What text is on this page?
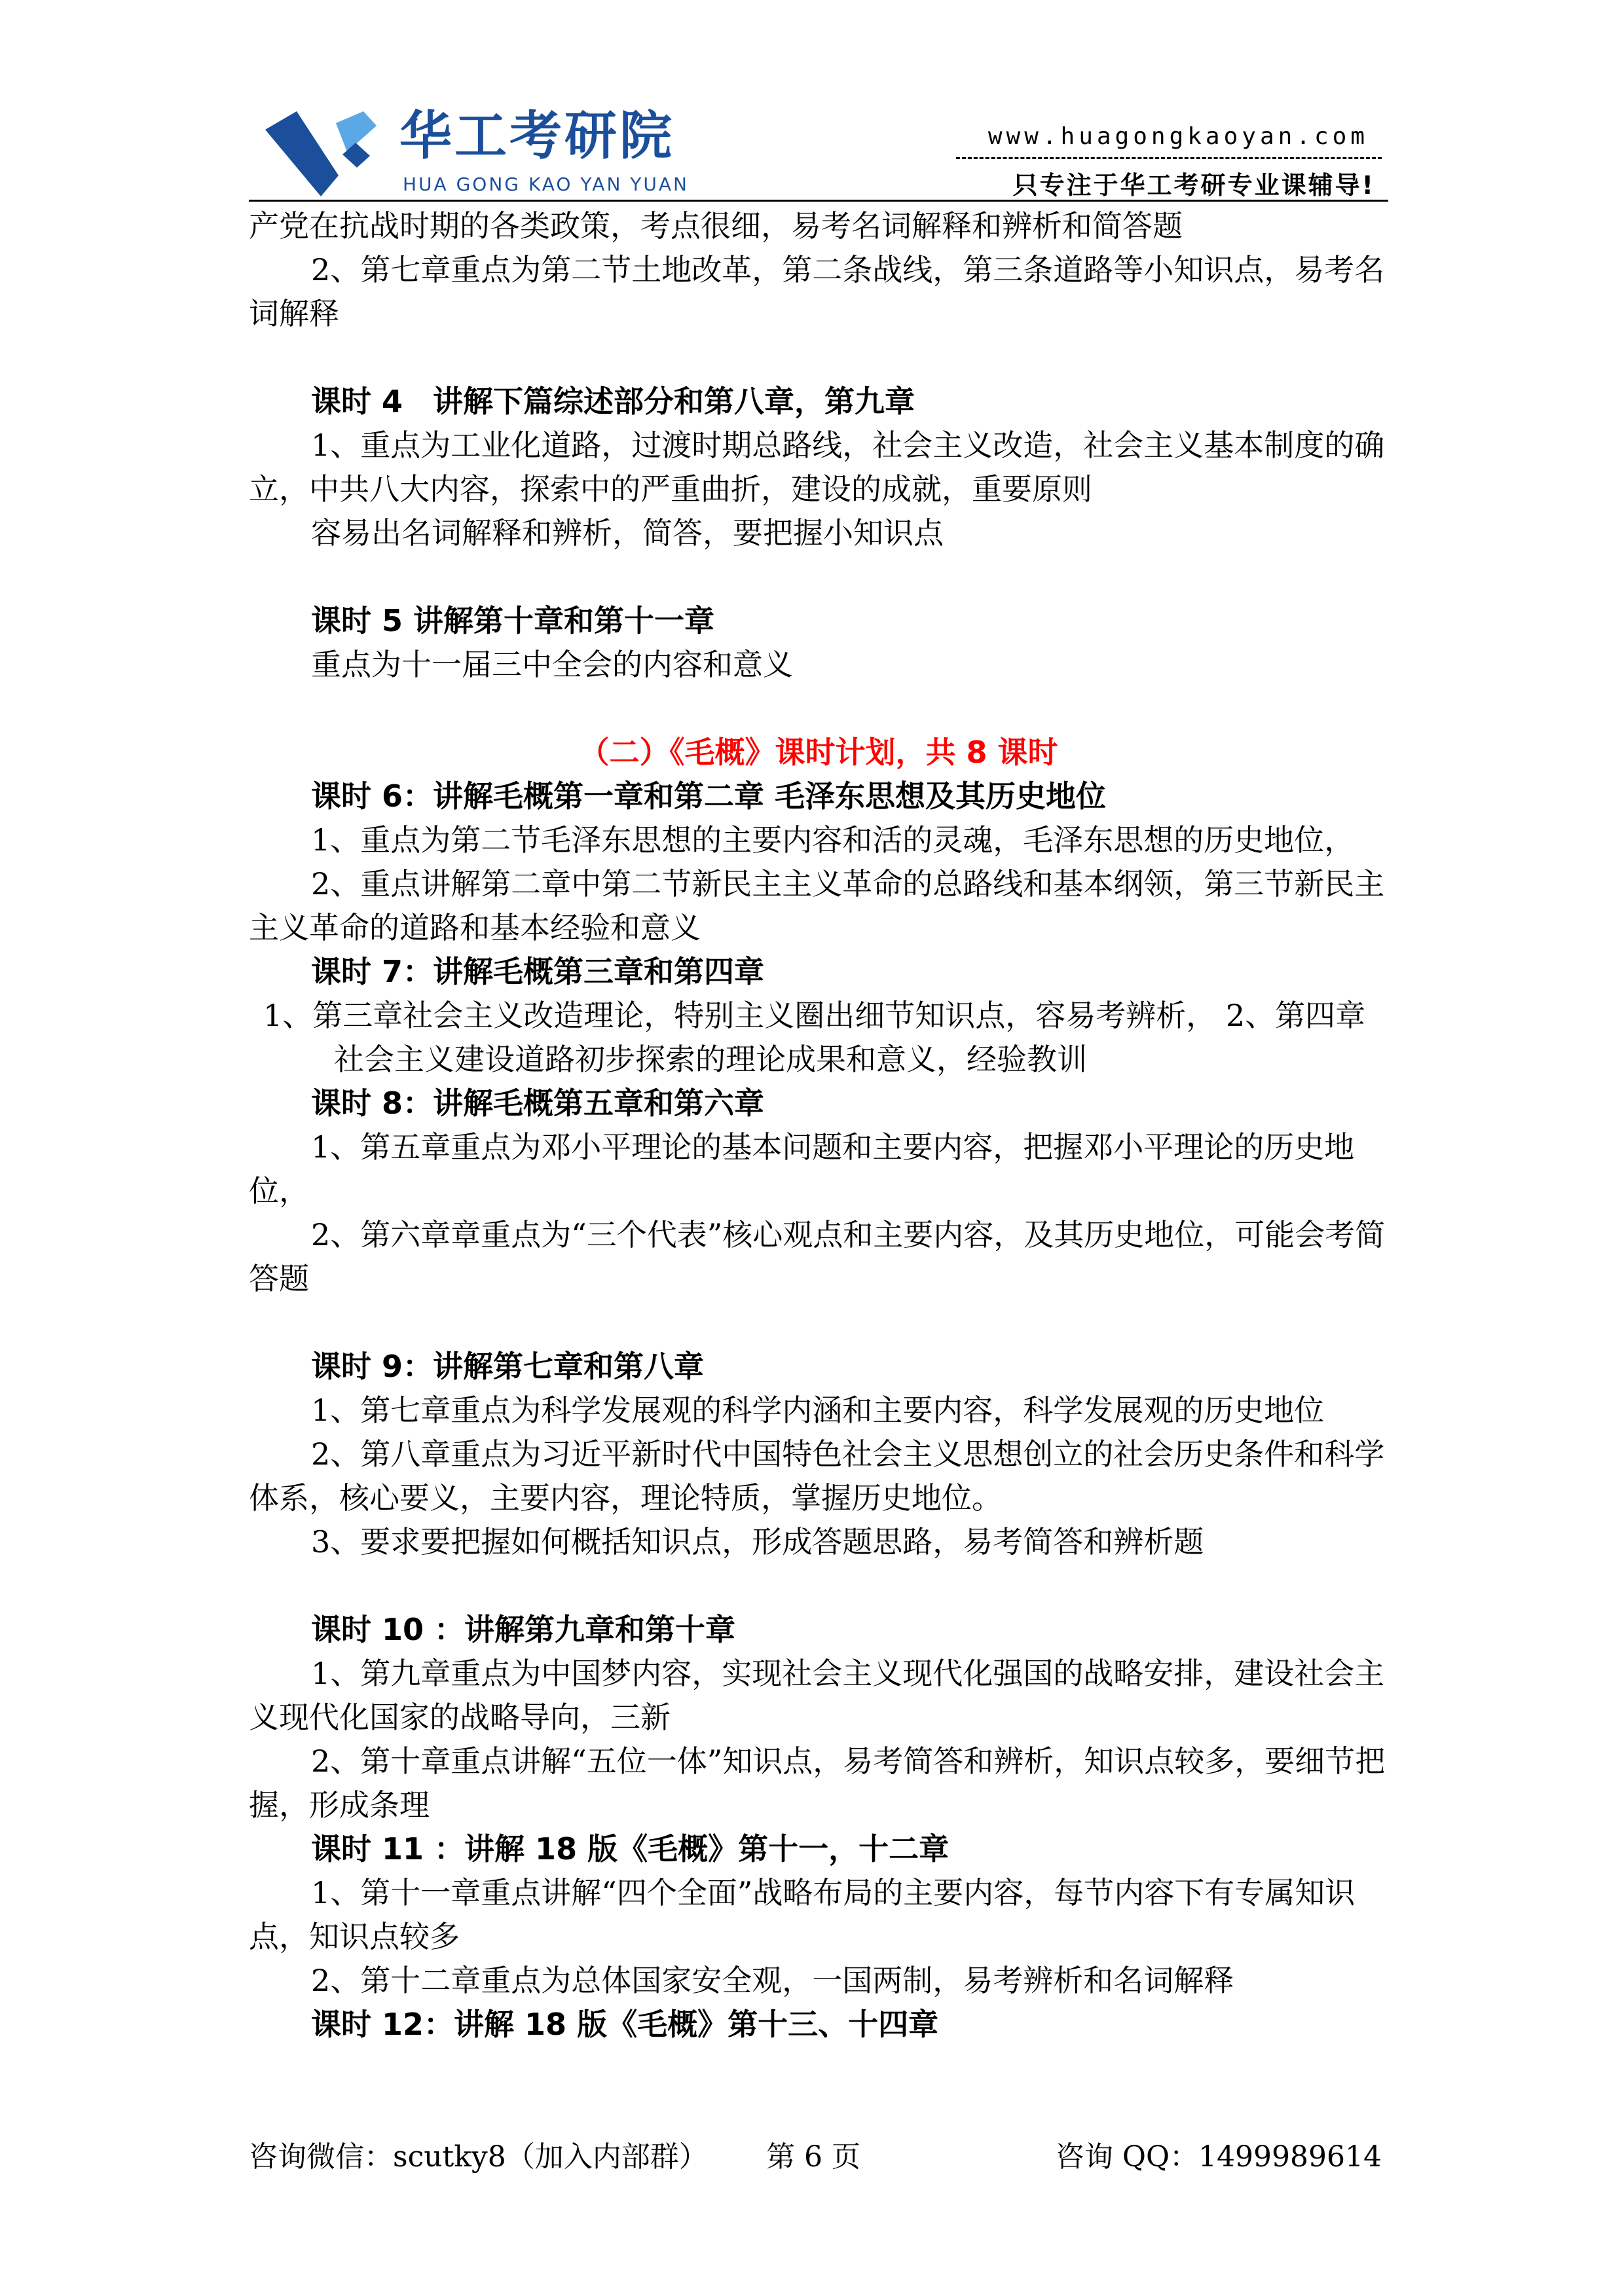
华工考研院
HUA GONG KAO YAN YUAN
www.huagongkaoyan.com
只专注于华工考研专业课辅导!

产党在抗战时期的各类政策，考点很细，易考名词解释和辨析和简答题

2、第七章重点为第二节土地改革，第二条战线，第三条道路等小知识点，易考名词解释

课时 4　讲解下篇综述部分和第八章，第九章

1、重点为工业化道路，过渡时期总路线，社会主义改造，社会主义基本制度的确立，中共八大内容，探索中的严重曲折，建设的成就，重要原则

容易出名词解释和辨析，简答，要把握小知识点

课时 5 讲解第十章和第十一章

重点为十一届三中全会的内容和意义

（二）《毛概》课时计划，共 8 课时

课时 6：讲解毛概第一章和第二章 毛泽东思想及其历史地位

1、重点为第二节毛泽东思想的主要内容和活的灵魂，毛泽东思想的历史地位，

2、重点讲解第二章中第二节新民主主义革命的总路线和基本纲领，第三节新民主主义革命的道路和基本经验和意义

课时 7：讲解毛概第三章和第四章

1、第三章社会主义改造理论，特别主义圈出细节知识点，容易考辨析， 2、第四章社会主义建设道路初步探索的理论成果和意义，经验教训

课时 8：讲解毛概第五章和第六章

1、第五章重点为邓小平理论的基本问题和主要内容，把握邓小平理论的历史地位，

2、第六章章重点为“三个代表”核心观点和主要内容，及其历史地位，可能会考简答题

课时 9：讲解第七章和第八章

1、第七章重点为科学发展观的科学内涵和主要内容，科学发展观的历史地位

2、第八章重点为习近平新时代中国特色社会主义思想创立的社会历史条件和科学体系，核心要义，主要内容，理论特质，掌握历史地位。

3、要求要把握如何概括知识点，形成答题思路，易考简答和辨析题

课时 10 ：讲解第九章和第十章

1、第九章重点为中国梦内容，实现社会主义现代化强国的战略安排，建设社会主义现代化国家的战略导向，三新

2、第十章重点讲解“五位一体”知识点，易考简答和辨析，知识点较多，要细节把握，形成条理

课时 11 ：讲解 18 版《毛概》第十一，十二章

1、第十一章重点讲解“四个全面”战略布局的主要内容，每节内容下有专属知识点，知识点较多

2、第十二章重点为总体国家安全观，一国两制，易考辨析和名词解释

课时 12：讲解 18 版《毛概》第十三、十四章

咨询微信：scutky8（加入内部群） 第 6 页	咨询 QQ：1499989614
